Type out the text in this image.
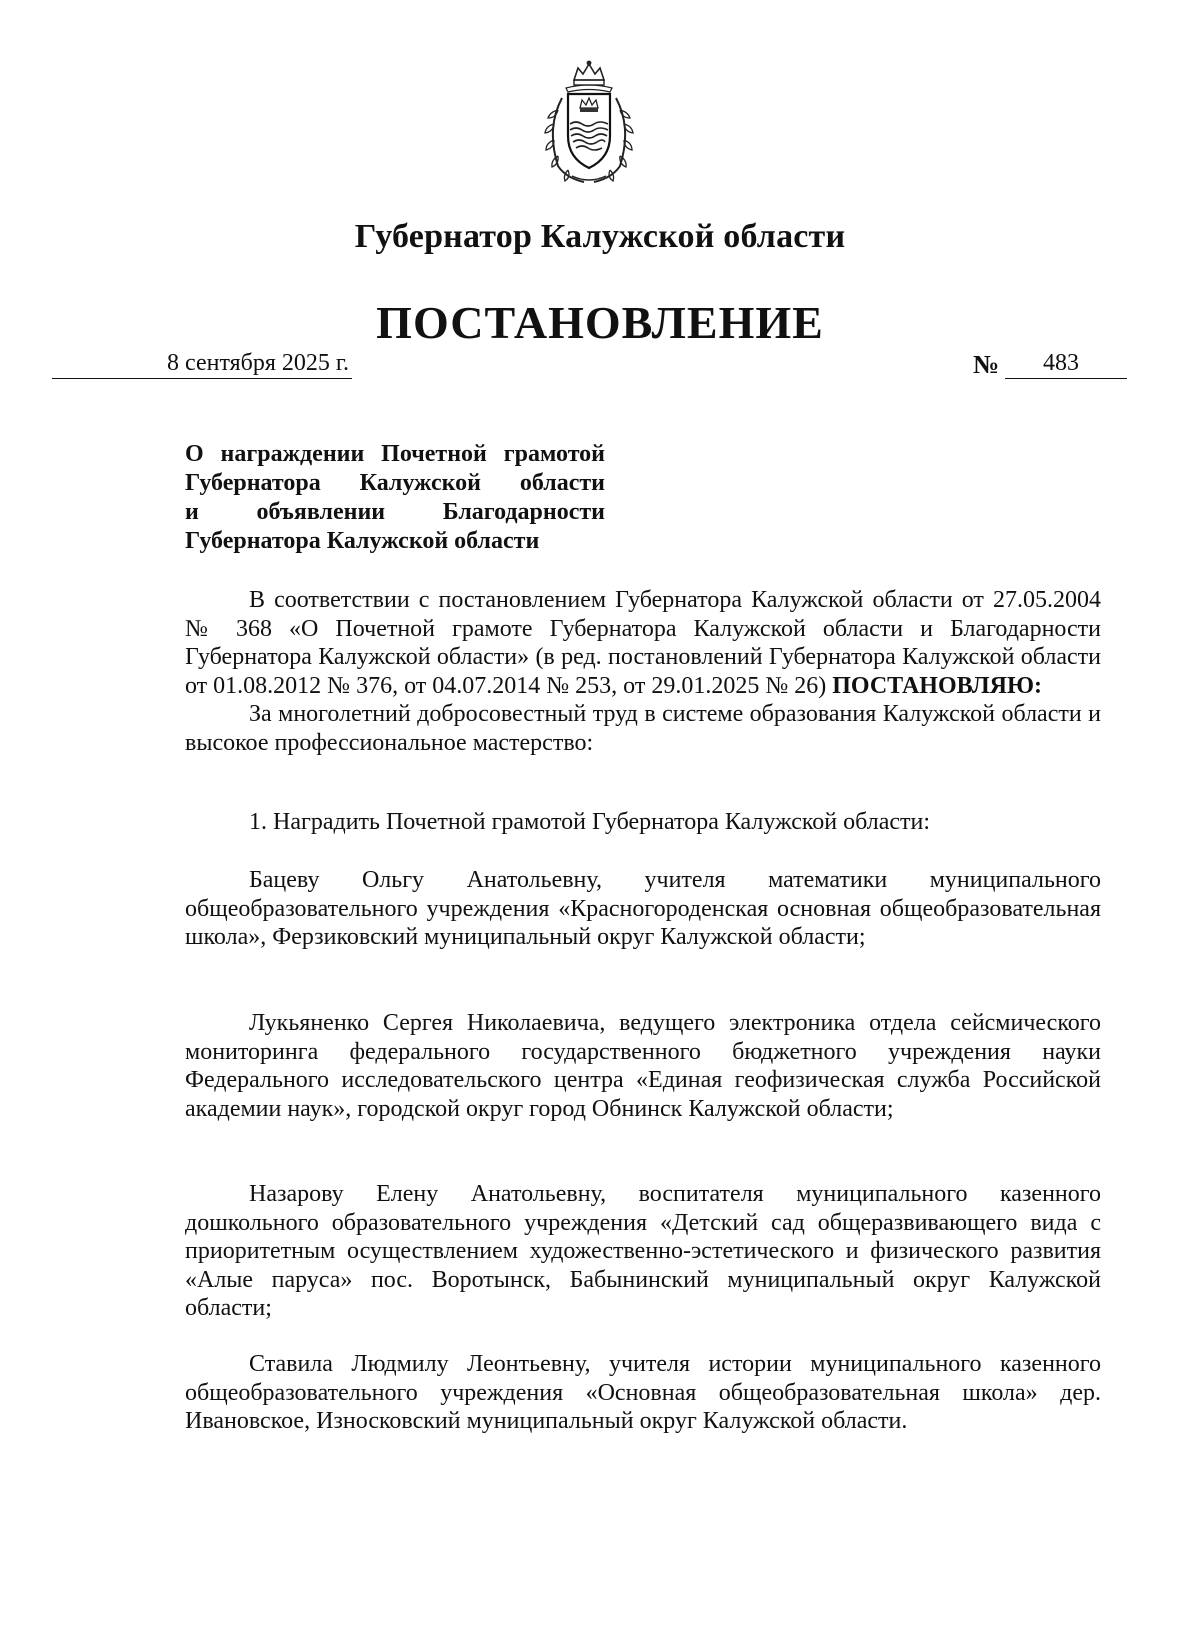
Губернатор Калужской области
ПОСТАНОВЛЕНИЕ
8 сентября 2025 г.	№ 483

О награждении Почетной грамотой

Губернатора Калужской области

и объявлении Благодарности

Губернатора Калужской области

В соответствии с постановлением Губернатора Калужской области от 27.05.2004 № 368 «О Почетной грамоте Губернатора Калужской области и Благодарности Губернатора Калужской области» (в ред. постановлений Губернатора Калужской области от 01.08.2012 № 376, от 04.07.2014 № 253, от 29.01.2025 № 26) ПОСТАНОВЛЯЮ:

За многолетний добросовестный труд в системе образования Калужской области и высокое профессиональное мастерство:

1. Наградить Почетной грамотой Губернатора Калужской области:

Бацеву Ольгу Анатольевну, учителя математики муниципального общеобразовательного учреждения «Красногороденская основная общеобразовательная школа», Ферзиковский муниципальный округ Калужской области;

Лукьяненко Сергея Николаевича, ведущего электроника отдела сейсмического мониторинга федерального государственного бюджетного учреждения науки Федерального исследовательского центра «Единая геофизическая служба Российской академии наук», городской округ город Обнинск Калужской области;

Назарову Елену Анатольевну, воспитателя муниципального казенного дошкольного образовательного учреждения «Детский сад общеразвивающего вида с приоритетным осуществлением художественно-эстетического и физического развития «Алые паруса» пос. Воротынск, Бабынинский муниципальный округ Калужской области;

Ставила Людмилу Леонтьевну, учителя истории муниципального казенного общеобразовательного учреждения «Основная общеобразовательная школа» дер. Ивановское, Износковский муниципальный округ Калужской области.
